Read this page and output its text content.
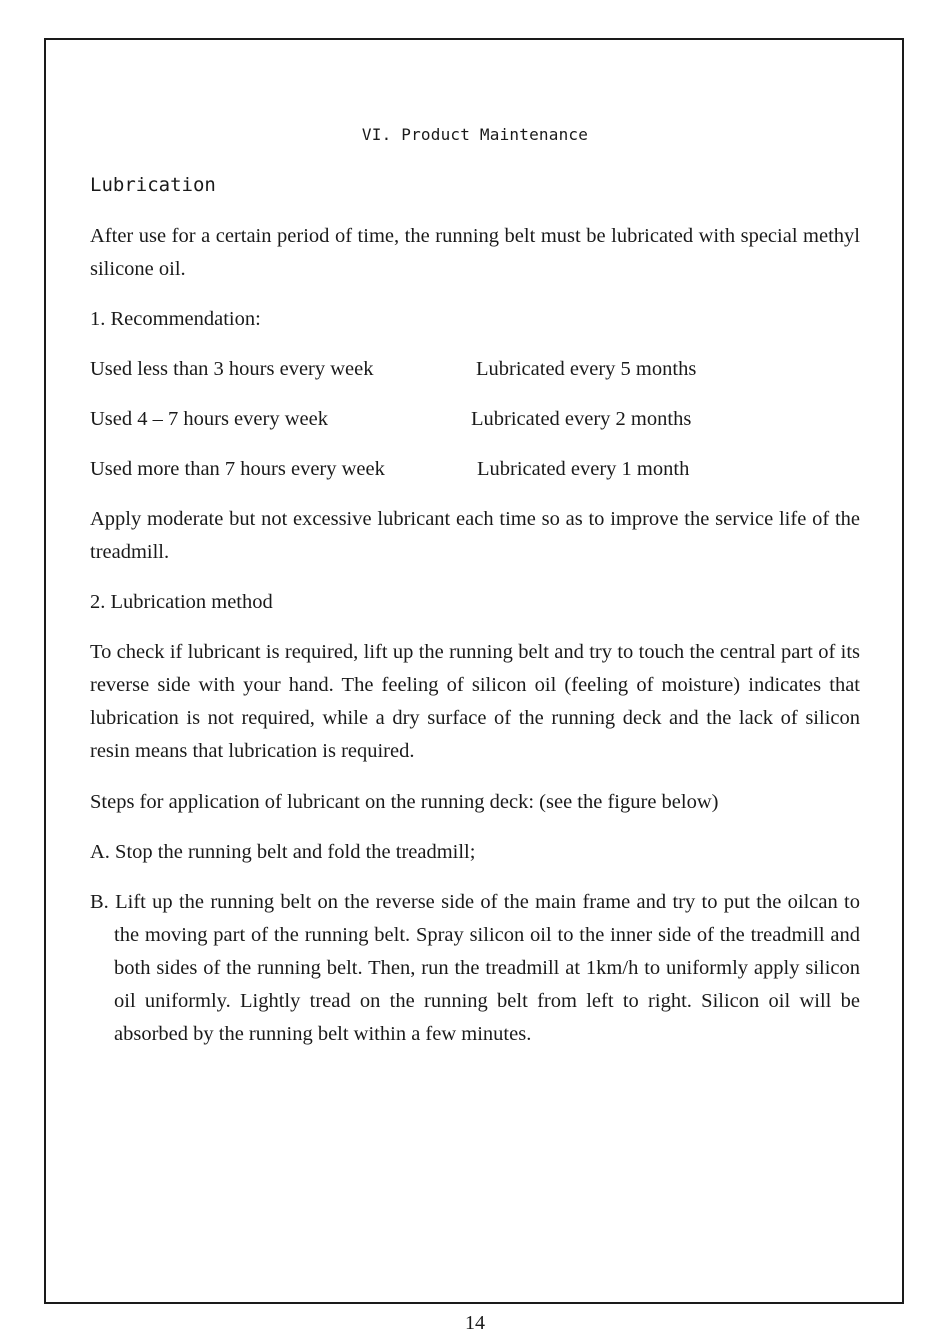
VI. Product Maintenance
Lubrication

After use for a certain period of time, the running belt must be lubricated with special methyl silicone oil.

1. Recommendation:
Used less than 3 hours every week	Lubricated every 5 months
Used 4 – 7 hours every week	Lubricated every 2 months
Used more than 7 hours every week	Lubricated every 1 month

Apply moderate but not excessive lubricant each time so as to improve the service life of the treadmill.

2. Lubrication method

To check if lubricant is required, lift up the running belt and try to touch the central part of its reverse side with your hand. The feeling of silicon oil (feeling of moisture) indicates that lubrication is not required, while a dry surface of the running deck and the lack of silicon resin means that lubrication is required.

Steps for application of lubricant on the running deck: (see the figure below)
A. Stop the running belt and fold the treadmill;

B. Lift up the running belt on the reverse side of the main frame and try to put the oilcan to the moving part of the running belt. Spray silicon oil to the inner side of the treadmill and both sides of the running belt. Then, run the treadmill at 1km/h to uniformly apply silicon oil uniformly. Lightly tread on the running belt from left to right. Silicon oil will be absorbed by the running belt within a few minutes.

14
